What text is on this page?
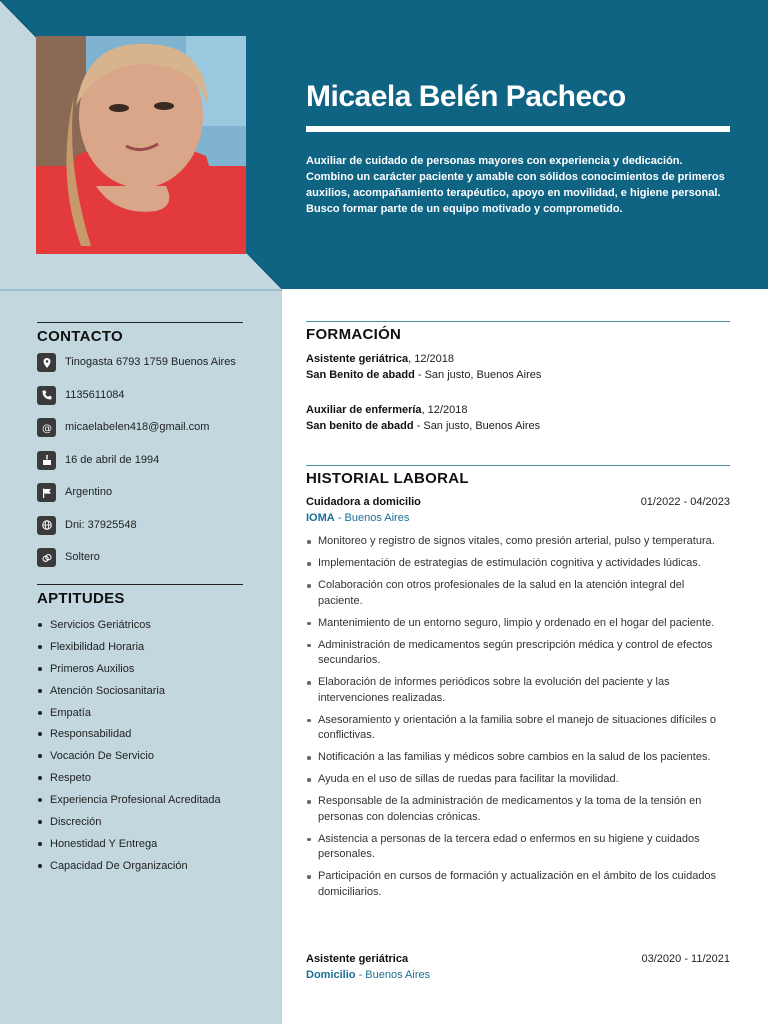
Micaela Belén Pacheco
Auxiliar de cuidado de personas mayores con experiencia y dedicación. Combino un carácter paciente y amable con sólidos conocimientos de primeros auxilios, acompañamiento terapéutico, apoyo en movilidad, e higiene personal. Busco formar parte de un equipo motivado y comprometido.
CONTACTO
Tinogasta 6793 1759 Buenos Aires
1135611084
@ micaelabelen418@gmail.com
16 de abril de 1994
Argentino
Dni: 37925548
Soltero
APTITUDES
Servicios Geriátricos
Flexibilidad Horaria
Primeros Auxilios
Atención Sociosanitaria
Empatía
Responsabilidad
Vocación De Servicio
Respeto
Experiencia Profesional Acreditada
Discreción
Honestidad Y Entrega
Capacidad De Organización
FORMACIÓN
Asistente geriátrica, 12/2018
San Benito de abadd - San justo, Buenos Aires
Auxiliar de enfermería, 12/2018
San benito de abadd - San justo, Buenos Aires
HISTORIAL LABORAL
Cuidadora a domicilio	01/2022 - 04/2023
IOMA - Buenos Aires
Monitoreo y registro de signos vitales, como presión arterial, pulso y temperatura.
Implementación de estrategias de estimulación cognitiva y actividades lúdicas.
Colaboración con otros profesionales de la salud en la atención integral del paciente.
Mantenimiento de un entorno seguro, limpio y ordenado en el hogar del paciente.
Administración de medicamentos según prescripción médica y control de efectos secundarios.
Elaboración de informes periódicos sobre la evolución del paciente y las intervenciones realizadas.
Asesoramiento y orientación a la familia sobre el manejo de situaciones difíciles o conflictivas.
Notificación a las familias y médicos sobre cambios en la salud de los pacientes.
Ayuda en el uso de sillas de ruedas para facilitar la movilidad.
Responsable de la administración de medicamentos y la toma de la tensión en personas con dolencias crónicas.
Asistencia a personas de la tercera edad o enfermos en su higiene y cuidados personales.
Participación en cursos de formación y actualización en el ámbito de los cuidados domiciliarios.
Asistente geriátrica	03/2020 - 11/2021
Domicilio - Buenos Aires
